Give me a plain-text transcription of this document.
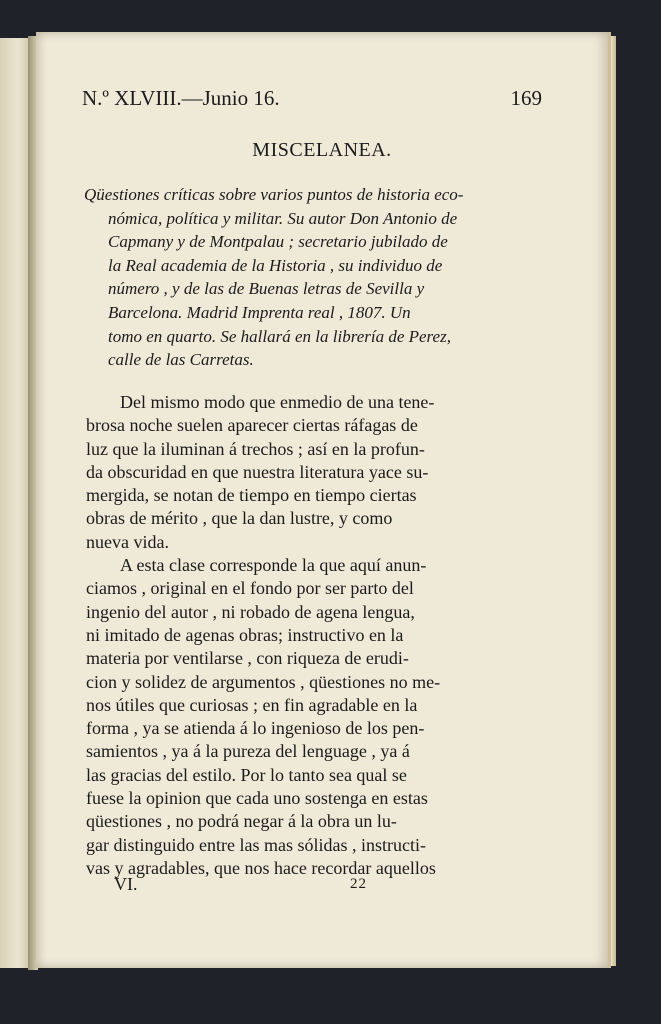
N.º XLVIII.—Junio 16.	169
MISCELANEA.
Qüestiones críticas sobre varios puntos de historia eco-
nómica, política y militar. Su autor Don Antonio de
Capmany y de Montpalau ; secretario jubilado de
la Real academia de la Historia , su individuo de
número , y de las de Buenas letras de Sevilla y
Barcelona. Madrid Imprenta real , 1807. Un
tomo en quarto. Se hallará en la librería de Perez,
calle de las Carretas.
Del mismo modo que enmedio de una tene-
brosa noche suelen aparecer ciertas ráfagas de
luz que la iluminan á trechos ; así en la profun-
da obscuridad en que nuestra literatura yace su-
mergida, se notan de tiempo en tiempo ciertas
obras de mérito , que la dan lustre, y como
nueva vida.
A esta clase corresponde la que aquí anun-
ciamos , original en el fondo por ser parto del
ingenio del autor , ni robado de agena lengua,
ni imitado de agenas obras; instructivo en la
materia por ventilarse , con riqueza de erudi-
cion y solidez de argumentos , qüestiones no me-
nos útiles que curiosas ; en fin agradable en la
forma , ya se atienda á lo ingenioso de los pen-
samientos , ya á la pureza del lenguage , ya á
las gracias del estilo. Por lo tanto sea qual se
fuese la opinion que cada uno sostenga en estas
qüestiones , no podrá negar á la obra un lu-
gar distinguido entre las mas sólidas , instructi-
vas y agradables, que nos hace recordar aquellos
VI.	22
